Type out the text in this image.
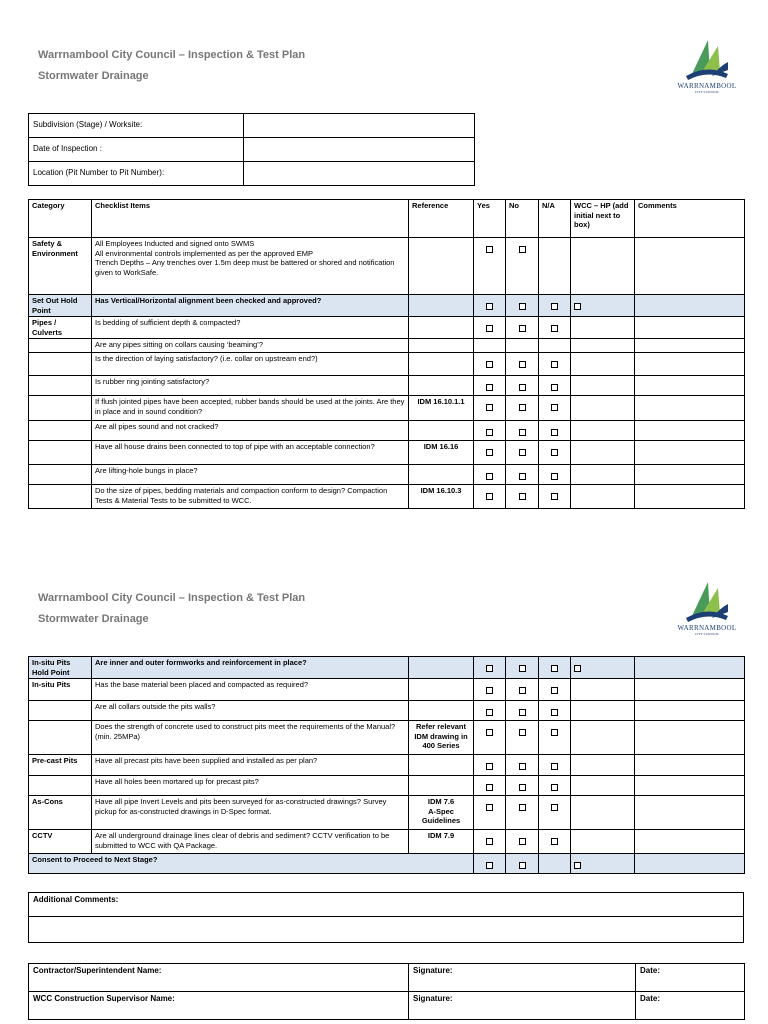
Warrnambool City Council – Inspection & Test Plan

Stormwater Drainage

WARRNAMBOOL
CITY COUNCIL
Subdivision (Stage) / Worksite:	
Date of Inspection :	
Location (Pit Number to Pit Number):	
Category	Checklist Items	Reference	Yes	No	N/A	WCC – HP (add initial next to box)	Comments
Safety & Environment	All Employees Inducted and signed onto SWMS
All environmental controls implemented as per the approved EMP
Trench Depths – Any trenches over 1.5m deep must be battered or shored and notification given to WorkSafe.						
Set Out Hold Point	Has Vertical/Horizontal alignment been checked and approved?						
Pipes / Culverts	Is bedding of sufficient depth & compacted?						
	Are any pipes sitting on collars causing ‘beaming’?						
	Is the direction of laying satisfactory? (i.e. collar on upstream end?)						
	Is rubber ring jointing satisfactory?						
	If flush jointed pipes have been accepted, rubber bands should be used at the joints. Are they in place and in sound condition?	IDM 16.10.1.1					
	Are all pipes sound and not cracked?						
	Have all house drains been connected to top of pipe with an acceptable connection?	IDM 16.16					
	Are lifting-hole bungs in place?						
	Do the size of pipes, bedding materials and compaction conform to design? Compaction Tests & Material Tests to be submitted to WCC.	IDM 16.10.3					

Warrnambool City Council – Inspection & Test Plan

Stormwater Drainage

WARRNAMBOOL
CITY COUNCIL
In-situ Pits Hold Point	Are inner and outer formworks and reinforcement in place?						
In-situ Pits	Has the base material been placed and compacted as required?						
	Are all collars outside the pits walls?						
	Does the strength of concrete used to construct pits meet the requirements of the Manual? (min. 25MPa)	Refer relevant IDM drawing in 400 Series					
Pre-cast Pits	Have all precast pits have been supplied and installed as per plan?						
	Have all holes been mortared up for precast pits?						
As-Cons	Have all pipe Invert Levels and pits been surveyed for as-constructed drawings? Survey pickup for as-constructed drawings in D-Spec format.	IDM 7.6
A-Spec Guidelines					
CCTV	Are all underground drainage lines clear of debris and sediment? CCTV verification to be submitted to WCC with QA Package.	IDM 7.9					
Consent to Proceed to Next Stage?							
Additional Comments:

Contractor/Superintendent Name:	Signature:	Date:
WCC Construction Supervisor Name:	Signature:	Date:
